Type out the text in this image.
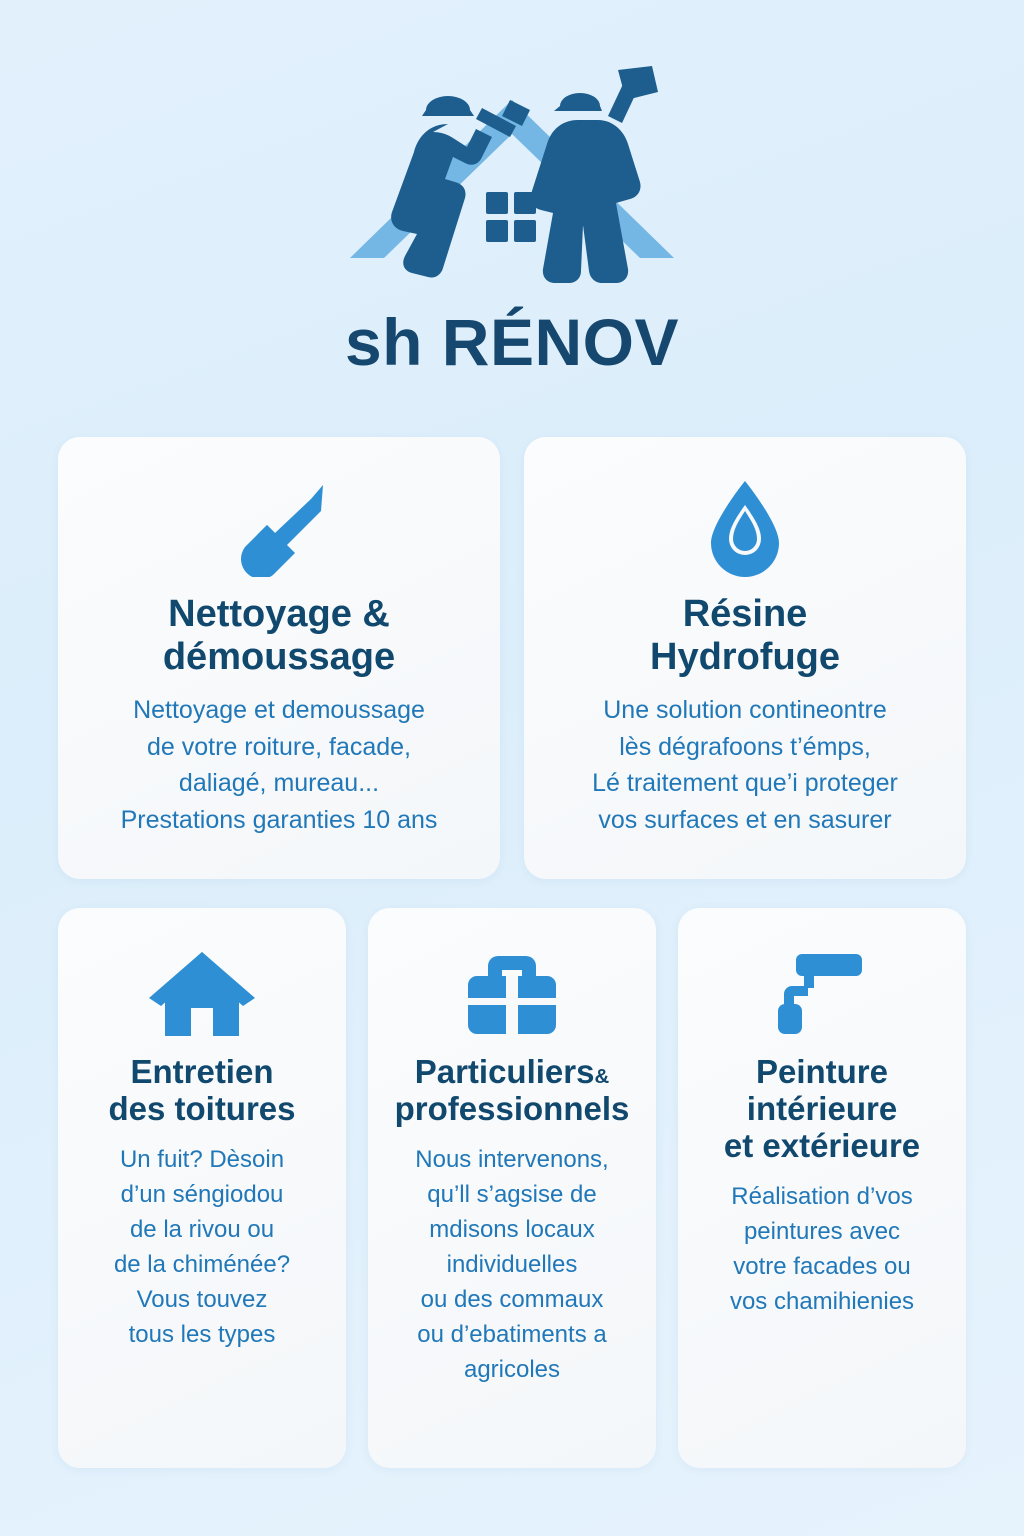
sh RÉNOV
Nettoyage &
démoussage

Nettoyage et demoussage
de votre roiture, facade,
daliagé, mureau...
Prestations garanties 10 ans

Résine
Hydrofuge

Une solution contineontre
lès dégrafoons t’émps,
Lé traitement que’i proteger
vos surfaces et en sasurer

Entretien
des toitures

Un fuit? Dèsoin
d’un séngiodou
de la rivou ou
de la chiménée?
Vous touvez
tous les types

Particuliers&
professionnels

Nous intervenons,
qu’ll s’agsise de
mdisons locaux
individuelles
ou des commaux
ou d’ebatiments a
agricoles

Peinture
intérieure
et extérieure

Réalisation d’vos
peintures avec
votre facades ou
vos chamihienies
